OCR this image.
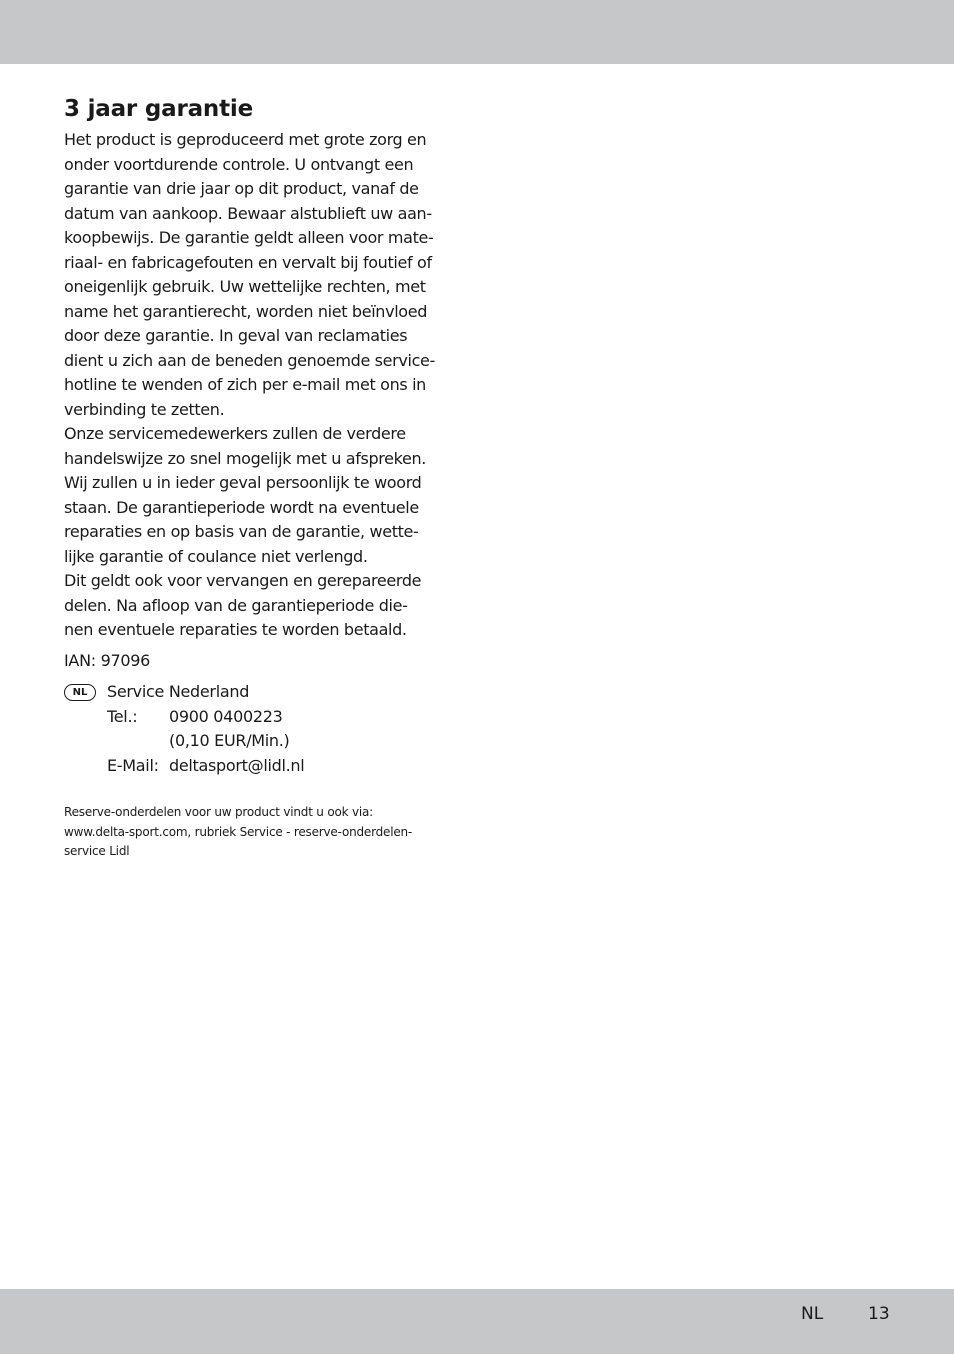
3 jaar garantie
Het product is geproduceerd met grote zorg en
onder voortdurende controle. U ontvangt een
garantie van drie jaar op dit product, vanaf de
datum van aankoop. Bewaar alstublieft uw aan-
koopbewijs. De garantie geldt alleen voor mate-
riaal- en fabricagefouten en vervalt bij foutief of
oneigenlijk gebruik. Uw wettelijke rechten, met
name het garantierecht, worden niet beïnvloed
door deze garantie. In geval van reclamaties
dient u zich aan de beneden genoemde service-
hotline te wenden of zich per e-mail met ons in
verbinding te zetten.
Onze servicemedewerkers zullen de verdere
handelswijze zo snel mogelijk met u afspreken.
Wij zullen u in ieder geval persoonlijk te woord
staan. De garantieperiode wordt na eventuele
reparaties en op basis van de garantie, wette-
lijke garantie of coulance niet verlengd.
Dit geldt ook voor vervangen en gerepareerde
delen. Na afloop van de garantieperiode die-
nen eventuele reparaties te worden betaald.

IAN: 97096

NL	Service Nederland
Tel.:	0900 0400223
(0,10 EUR/Min.)
E-Mail: deltasport@lidl.nl
Reserve-onderdelen voor uw product vindt u ook via:
www.delta-sport.com, rubriek Service - reserve-onderdelen-
service Lidl
NL	13
